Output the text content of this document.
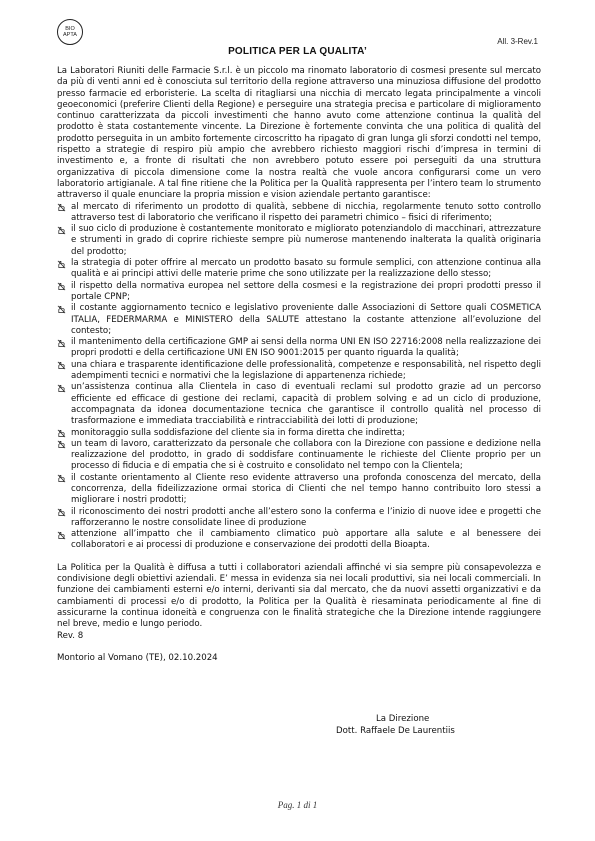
BIO
APTA
All. 3-Rev.1
POLITICA PER LA QUALITA’

La Laboratori Riuniti delle Farmacie S.r.l. è un piccolo ma rinomato laboratorio di cosmesi presente sul mercato da più di venti anni ed è conosciuta sul territorio della regione attraverso una minuziosa diffusione del prodotto presso farmacie ed erboristerie. La scelta di ritagliarsi una nicchia di mercato legata principalmente a vincoli geoeconomici (preferire Clienti della Regione) e perseguire una strategia precisa e particolare di miglioramento continuo caratterizzata da piccoli investimenti che hanno avuto come attenzione continua la qualità del prodotto è stata costantemente vincente. La Direzione è fortemente convinta che una politica di qualità del prodotto perseguita in un ambito fortemente circoscritto ha ripagato di gran lunga gli sforzi condotti nel tempo, rispetto a strategie di respiro più ampio che avrebbero richiesto maggiori rischi d’impresa in termini di investimento e, a fronte di risultati che non avrebbero potuto essere poi perseguiti da una struttura organizzativa di piccola dimensione come la nostra realtà che vuole ancora configurarsi come un vero laboratorio artigianale. A tal fine ritiene che la Politica per la Qualità rappresenta per l’intero team lo strumento attraverso il quale enunciare la propria mission e vision aziendale pertanto garantisce:

al mercato di riferimento un prodotto di qualità, sebbene di nicchia, regolarmente tenuto sotto controllo attraverso test di laboratorio che verificano il rispetto dei parametri chimico – fisici di riferimento;
il suo ciclo di produzione è costantemente monitorato e migliorato potenziandolo di macchinari, attrezzature e strumenti in grado di coprire richieste sempre più numerose mantenendo inalterata la qualità originaria del prodotto;
la strategia di poter offrire al mercato un prodotto basato su formule semplici, con attenzione continua alla qualità e ai principi attivi delle materie prime che sono utilizzate per la realizzazione dello stesso;
il rispetto della normativa europea nel settore della cosmesi e la registrazione dei propri prodotti presso il portale CPNP;
il costante aggiornamento tecnico e legislativo proveniente dalle Associazioni di Settore quali COSMETICA ITALIA, FEDERMARMA e MINISTERO della SALUTE attestano la costante attenzione all’evoluzione del contesto;
il mantenimento della certificazione GMP ai sensi della norma UNI EN ISO 22716:2008 nella realizzazione dei propri prodotti e della certificazione UNI EN ISO 9001:2015 per quanto riguarda la qualità;
una chiara e trasparente identificazione delle professionalità, competenze e responsabilità, nel rispetto degli adempimenti tecnici e normativi che la legislazione di appartenenza richiede;
un’assistenza continua alla Clientela in caso di eventuali reclami sul prodotto grazie ad un percorso efficiente ed efficace di gestione dei reclami, capacità di problem solving e ad un ciclo di produzione, accompagnata da idonea documentazione tecnica che garantisce il controllo qualità nel processo di trasformazione e immediata tracciabilità e rintracciabilità dei lotti di produzione;
monitoraggio sulla soddisfazione del cliente sia in forma diretta che indiretta;
un team di lavoro, caratterizzato da personale che collabora con la Direzione con passione e dedizione nella realizzazione del prodotto, in grado di soddisfare continuamente le richieste del Cliente proprio per un processo di fiducia e di empatia che si è costruito e consolidato nel tempo con la Clientela;
il costante orientamento al Cliente reso evidente attraverso una profonda conoscenza del mercato, della concorrenza, della fideilizzazione ormai storica di Clienti che nel tempo hanno contribuito loro stessi a migliorare i nostri prodotti;
il riconoscimento dei nostri prodotti anche all’estero sono la conferma e l’inizio di nuove idee e progetti che rafforzeranno le nostre consolidate linee di produzione
attenzione all’impatto che il cambiamento climatico può apportare alla salute e al benessere dei collaboratori e ai processi di produzione e conservazione dei prodotti della Bioapta.

La Politica per la Qualità è diffusa a tutti i collaboratori aziendali affinché vi sia sempre più consapevolezza e condivisione degli obiettivi aziendali. E’ messa in evidenza sia nei locali produttivi, sia nei locali commerciali. In funzione dei cambiamenti esterni e/o interni, derivanti sia dal mercato, che da nuovi assetti organizzativi e da cambiamenti di processi e/o di prodotto, la Politica per la Qualità è riesaminata periodicamente al fine di assicurarne la continua idoneità e congruenza con le finalità strategiche che la Direzione intende raggiungere nel breve, medio e lungo periodo.

Rev. 8

Montorio al Vomano (TE), 02.10.2024

La Direzione
Dott. Raffaele De Laurentiis
Pag. 1 di 1
